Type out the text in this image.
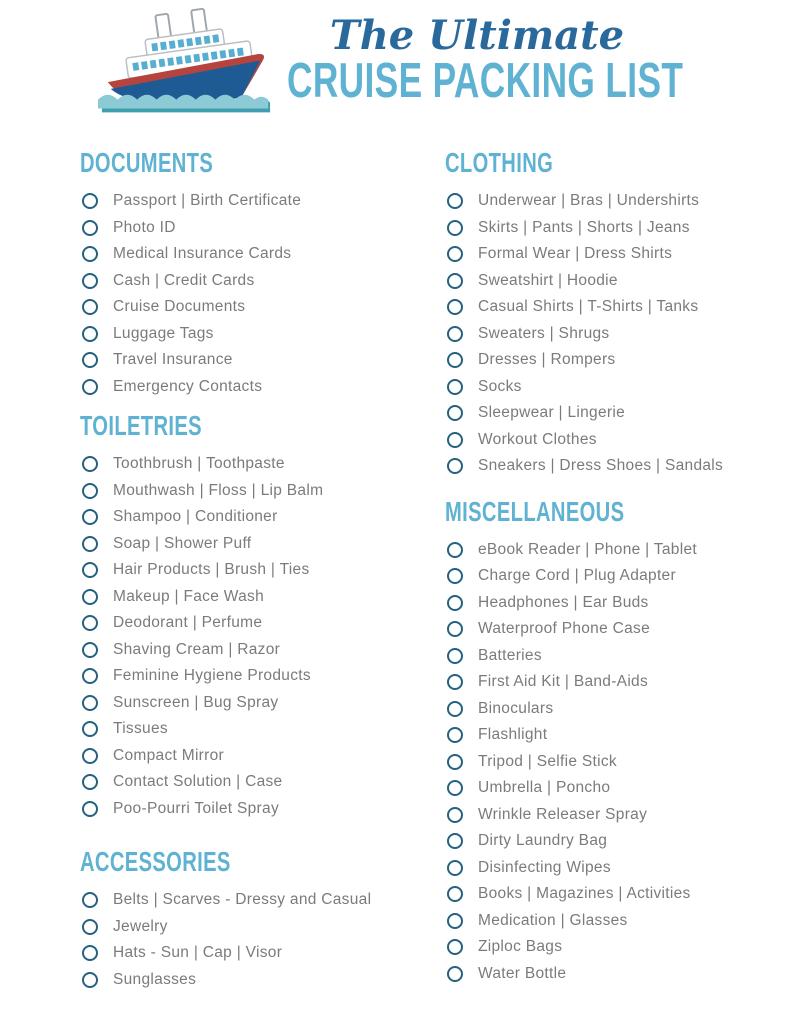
The Ultimate
CRUISE PACKING LIST
DOCUMENTS
Passport | Birth Certificate
Photo ID
Medical Insurance Cards
Cash | Credit Cards
Cruise Documents
Luggage Tags
Travel Insurance
Emergency Contacts
TOILETRIES
Toothbrush | Toothpaste
Mouthwash | Floss | Lip Balm
Shampoo | Conditioner
Soap | Shower Puff
Hair Products | Brush | Ties
Makeup | Face Wash
Deodorant | Perfume
Shaving Cream | Razor
Feminine Hygiene Products
Sunscreen | Bug Spray
Tissues
Compact Mirror
Contact Solution | Case
Poo-Pourri Toilet Spray
ACCESSORIES
Belts | Scarves - Dressy and Casual
Jewelry
Hats - Sun | Cap | Visor
Sunglasses
CLOTHING
Underwear | Bras | Undershirts
Skirts | Pants | Shorts | Jeans
Formal Wear | Dress Shirts
Sweatshirt | Hoodie
Casual Shirts | T-Shirts | Tanks
Sweaters | Shrugs
Dresses | Rompers
Socks
Sleepwear | Lingerie
Workout Clothes
Sneakers | Dress Shoes | Sandals
MISCELLANEOUS
eBook Reader | Phone | Tablet
Charge Cord | Plug Adapter
Headphones | Ear Buds
Waterproof Phone Case
Batteries
First Aid Kit | Band-Aids
Binoculars
Flashlight
Tripod | Selfie Stick
Umbrella | Poncho
Wrinkle Releaser Spray
Dirty Laundry Bag
Disinfecting Wipes
Books | Magazines | Activities
Medication | Glasses
Ziploc Bags
Water Bottle
